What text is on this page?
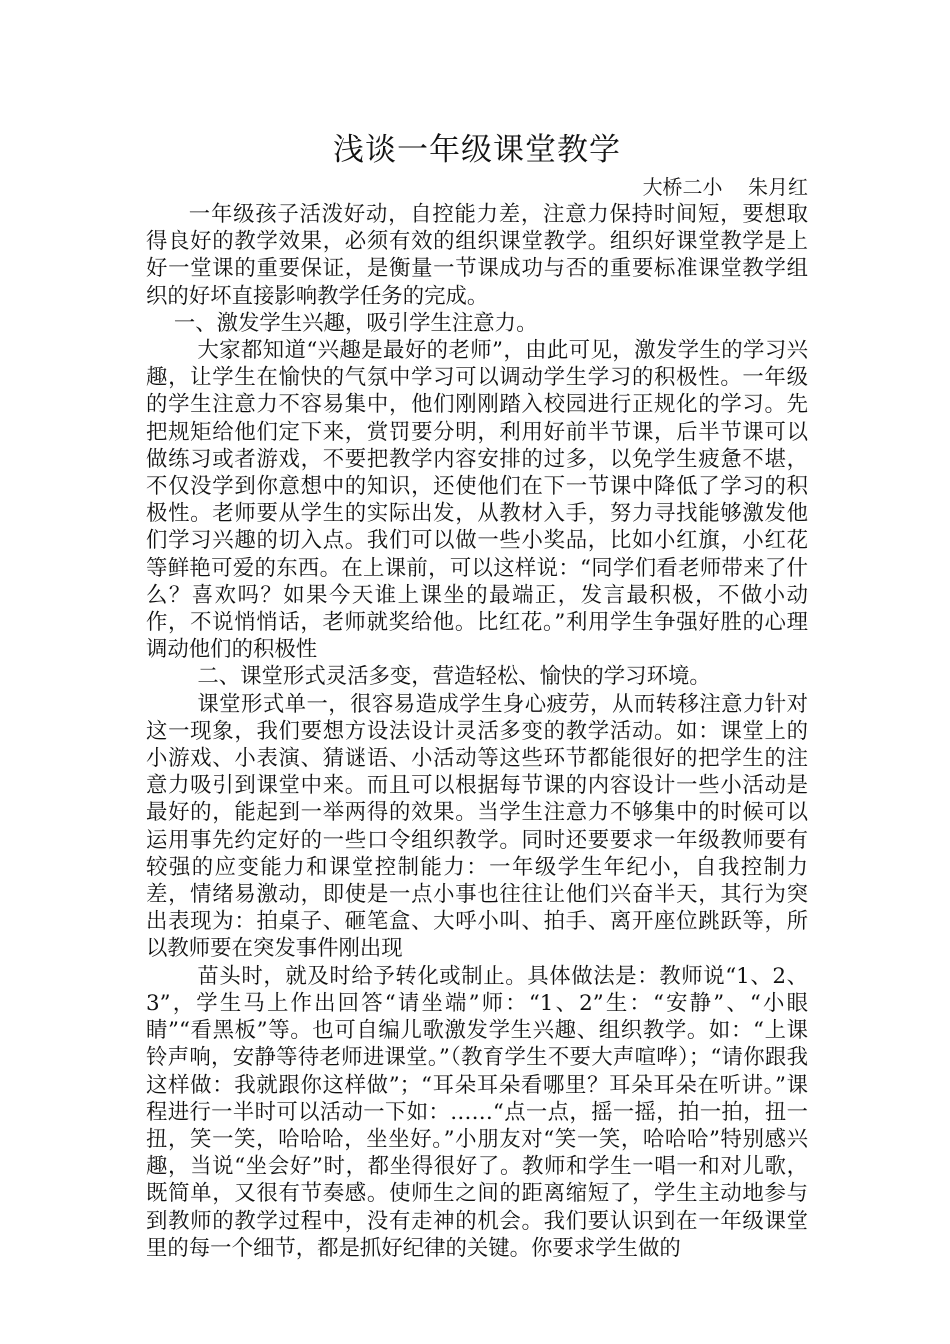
浅谈一年级课堂教学
大桥二小    朱月红

一年级孩子活泼好动，自控能力差，注意力保持时间短，要想取得良好的教学效果，必须有效的组织课堂教学。组织好课堂教学是上好一堂课的重要保证，是衡量一节课成功与否的重要标准课堂教学组织的好坏直接影响教学任务的完成。

一、激发学生兴趣，吸引学生注意力。

大家都知道“兴趣是最好的老师”，由此可见，激发学生的学习兴趣，让学生在愉快的气氛中学习可以调动学生学习的积极性。一年级的学生注意力不容易集中，他们刚刚踏入校园进行正规化的学习。先把规矩给他们定下来，赏罚要分明，利用好前半节课，后半节课可以做练习或者游戏，不要把教学内容安排的过多，以免学生疲惫不堪，不仅没学到你意想中的知识，还使他们在下一节课中降低了学习的积极性。老师要从学生的实际出发，从教材入手，努力寻找能够激发他们学习兴趣的切入点。我们可以做一些小奖品，比如小红旗，小红花等鲜艳可爱的东西。在上课前，可以这样说：“同学们看老师带来了什么？喜欢吗？如果今天谁上课坐的最端正，发言最积极，不做小动作，不说悄悄话，老师就奖给他。比红花。”利用学生争强好胜的心理调动他们的积极性

二、课堂形式灵活多变，营造轻松、愉快的学习环境。

课堂形式单一，很容易造成学生身心疲劳，从而转移注意力针对这一现象，我们要想方设法设计灵活多变的教学活动。如：课堂上的小游戏、小表演、猜谜语、小活动等这些环节都能很好的把学生的注意力吸引到课堂中来。而且可以根据每节课的内容设计一些小活动是最好的，能起到一举两得的效果。当学生注意力不够集中的时候可以运用事先约定好的一些口令组织教学。同时还要要求一年级教师要有较强的应变能力和课堂控制能力：一年级学生年纪小，自我控制力差，情绪易激动，即使是一点小事也往往让他们兴奋半天，其行为突出表现为：拍桌子、砸笔盒、大呼小叫、拍手、离开座位跳跃等，所以教师要在突发事件刚出现

苗头时，就及时给予转化或制止。具体做法是：教师说“1、2、3”，学生马上作出回答“请坐端”师：“1、2”生：“安静”、“小眼睛”“看黑板”等。也可自编儿歌激发学生兴趣、组织教学。如：“上课铃声响，安静等待老师进课堂。”（教育学生不要大声喧哗）；“请你跟我这样做：我就跟你这样做”；“耳朵耳朵看哪里？耳朵耳朵在听讲。”课程进行一半时可以活动一下如：……“点一点，摇一摇，拍一拍，扭一扭，笑一笑，哈哈哈，坐坐好。”小朋友对“笑一笑，哈哈哈”特别感兴趣，当说“坐会好”时，都坐得很好了。教师和学生一唱一和对儿歌，既简单，又很有节奏感。使师生之间的距离缩短了，学生主动地参与到教师的教学过程中，没有走神的机会。我们要认识到在一年级课堂里的每一个细节，都是抓好纪律的关键。你要求学生做的
